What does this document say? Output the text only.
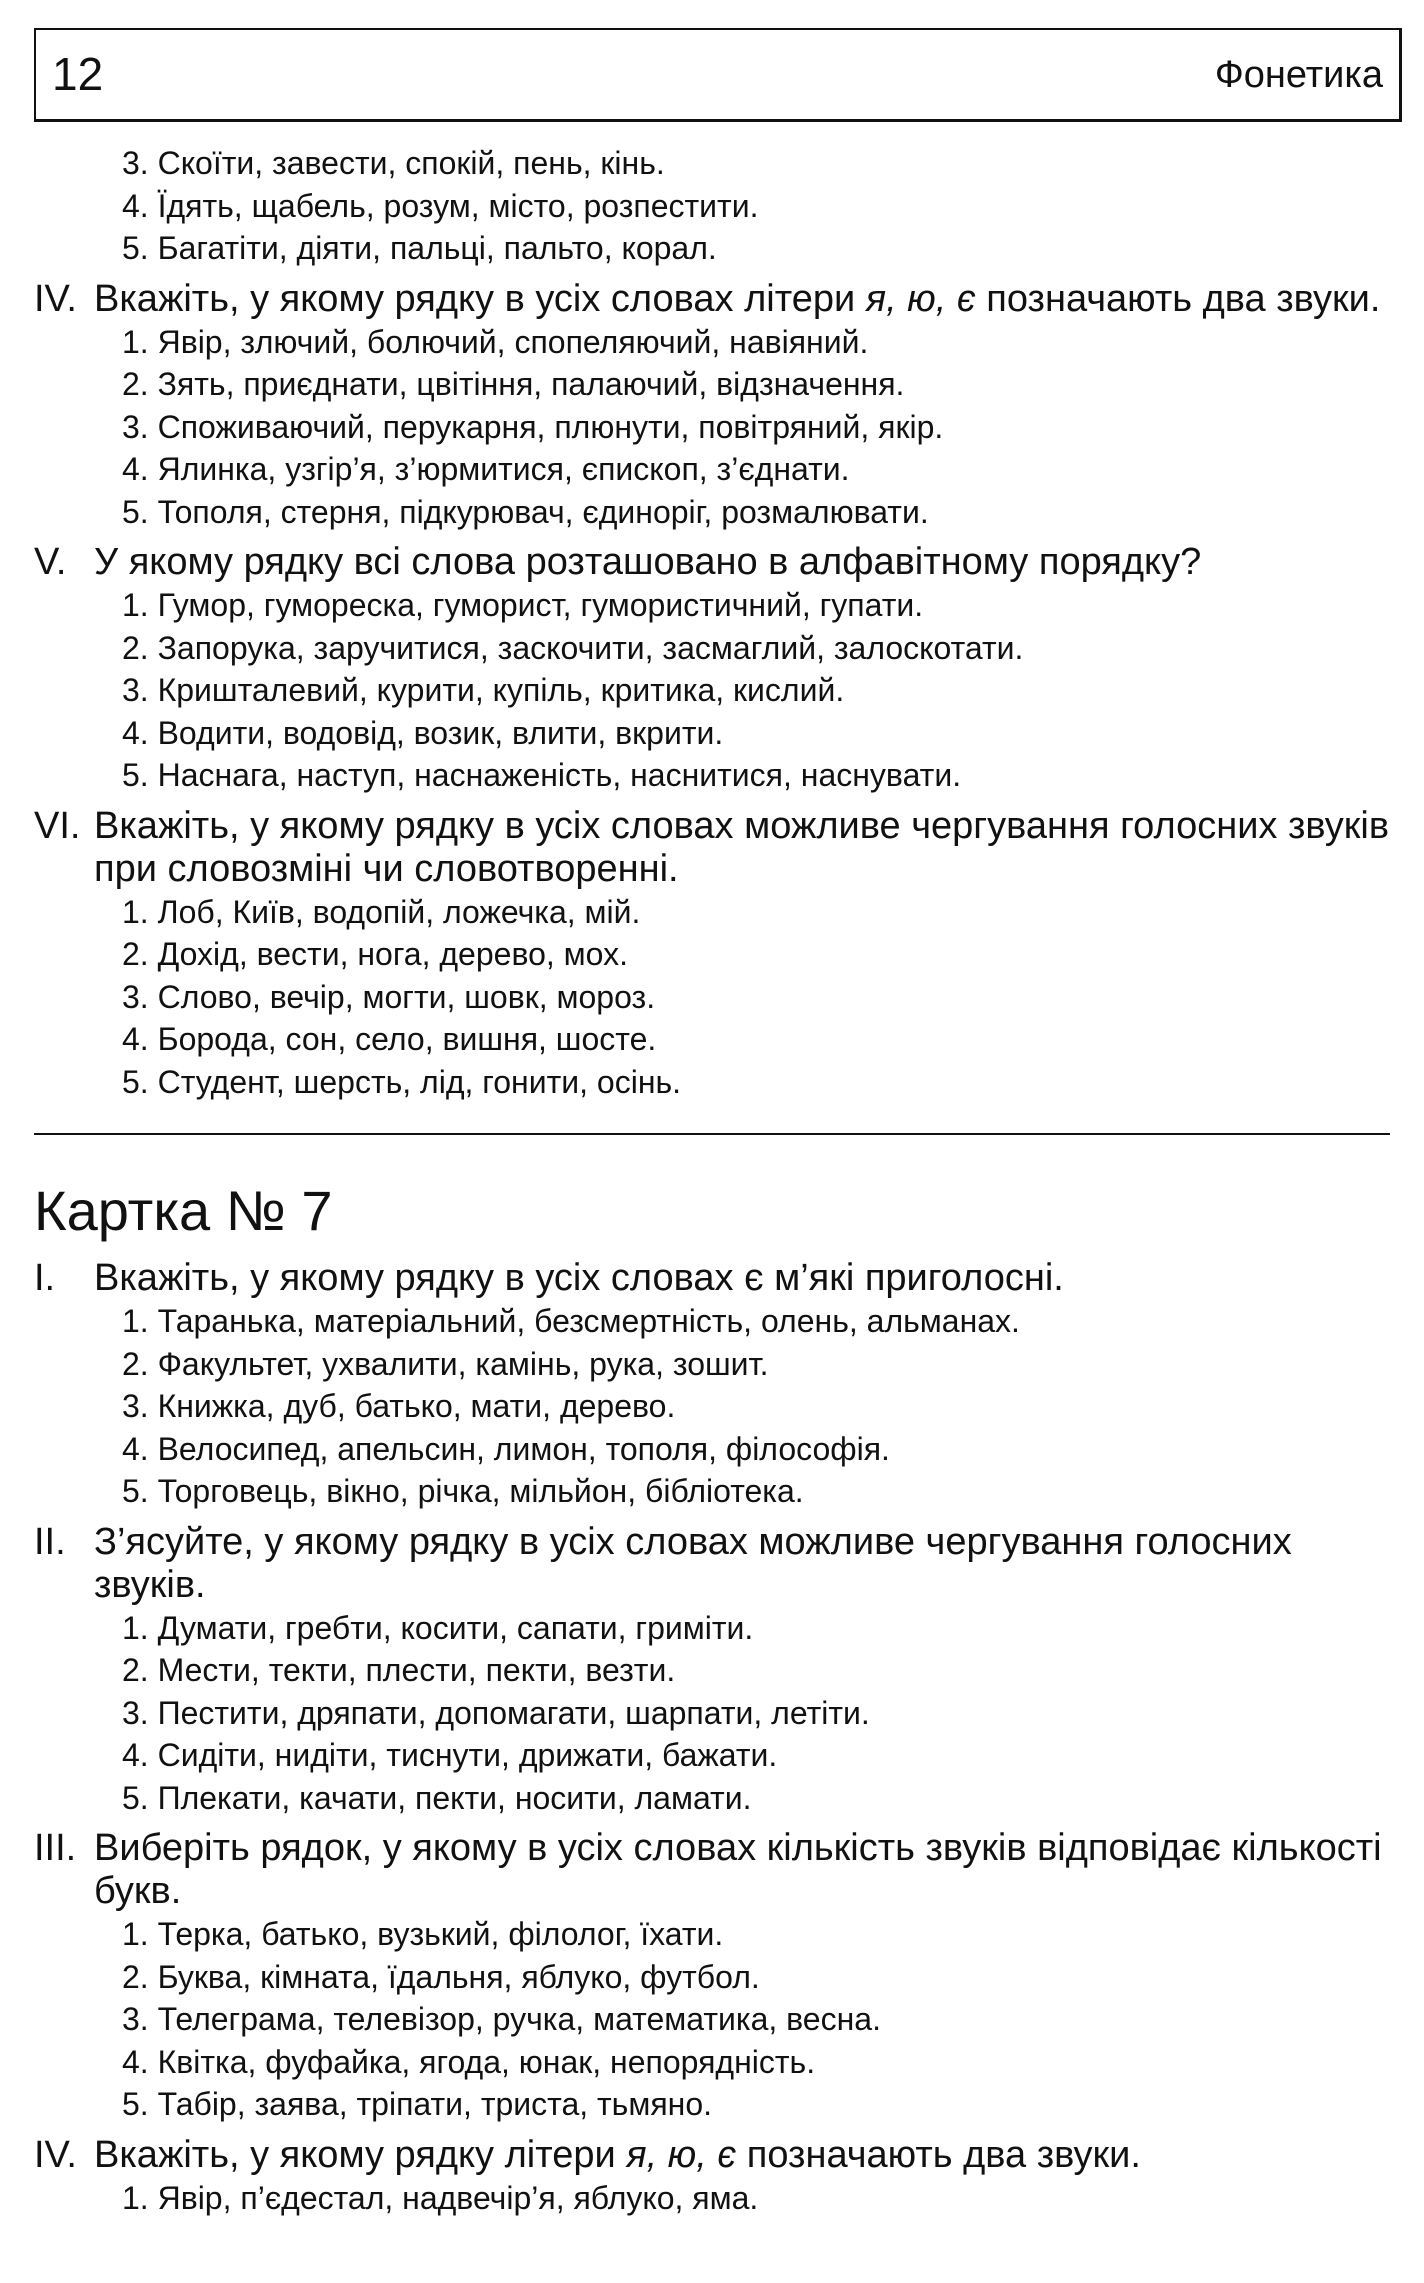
12	Фонетика
3. Скоїти, завести, спокій, пень, кінь.
4. Їдять, щабель, розум, місто, розпестити.
5. Багатіти, діяти, пальці, пальто, корал.
IV. Вкажіть, у якому рядку в усіх словах літери я, ю, є позначають два звуки.
1. Явір, злючий, болючий, спопеляючий, навіяний.
2. Зять, приєднати, цвітіння, палаючий, відзначення.
3. Споживаючий, перукарня, плюнути, повітряний, якір.
4. Ялинка, узгір’я, з’юрмитися, єпископ, з’єднати.
5. Тополя, стерня, підкурювач, єдиноріг, розмалювати.
V. У якому рядку всі слова розташовано в алфавітному порядку?
1. Гумор, гумореска, гуморист, гумористичний, гупати.
2. Запорука, заручитися, заскочити, засмаглий, залоскотати.
3. Кришталевий, курити, купіль, критика, кислий.
4. Водити, водовід, возик, влити, вкрити.
5. Наснага, наступ, наснаженість, наснитися, наснувати.
VI. Вкажіть, у якому рядку в усіх словах можливе чергування голосних звуків при словозміні чи словотворенні.
1. Лоб, Київ, водопій, ложечка, мій.
2. Дохід, вести, нога, дерево, мох.
3. Слово, вечір, могти, шовк, мороз.
4. Борода, сон, село, вишня, шосте.
5. Студент, шерсть, лід, гонити, осінь.
Картка № 7
I.	Вкажіть, у якому рядку в усіх словах є м’які приголосні.
1. Таранька, матеріальний, безсмертність, олень, альманах.
2. Факультет, ухвалити, камінь, рука, зошит.
3. Книжка, дуб, батько, мати, дерево.
4. Велосипед, апельсин, лимон, тополя, філософія.
5. Торговець, вікно, річка, мільйон, бібліотека.
II. З’ясуйте, у якому рядку в усіх словах можливе чергування голосних звуків.
1. Думати, гребти, косити, сапати, гриміти.
2. Мести, текти, плести, пекти, везти.
3. Пестити, дряпати, допомагати, шарпати, летіти.
4. Сидіти, нидіти, тиснути, дрижати, бажати.
5. Плекати, качати, пекти, носити, ламати.
III. Виберіть рядок, у якому в усіх словах кількість звуків відповідає кількості букв.
1. Терка, батько, вузький, філолог, їхати.
2. Буква, кімната, їдальня, яблуко, футбол.
3. Телеграма, телевізор, ручка, математика, весна.
4. Квітка, фуфайка, ягода, юнак, непорядність.
5. Табір, заява, тріпати, триста, тьмяно.
IV. Вкажіть, у якому рядку літери я, ю, є позначають два звуки.
1. Явір, п’єдестал, надвечір’я, яблуко, яма.
